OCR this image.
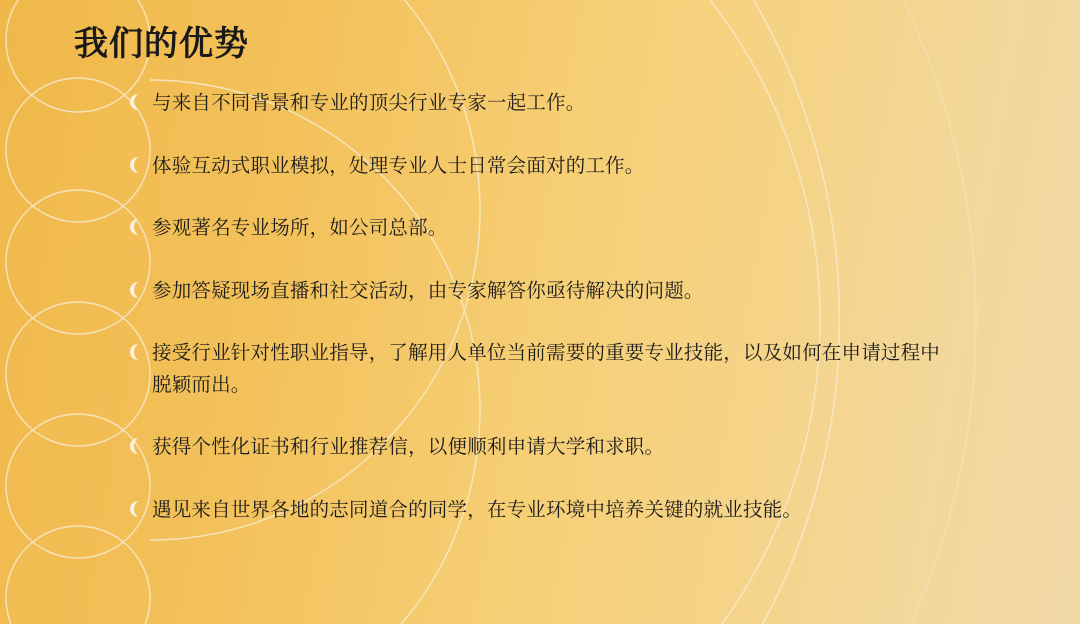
我们的优势
与来自不同背景和专业的顶尖行业专家一起工作。
体验互动式职业模拟，处理专业人士日常会面对的工作。
参观著名专业场所，如公司总部。
参加答疑现场直播和社交活动，由专家解答你亟待解决的问题。
接受行业针对性职业指导，了解用人单位当前需要的重要专业技能，以及如何在申请过程中脱颖而出。
获得个性化证书和行业推荐信，以便顺利申请大学和求职。
遇见来自世界各地的志同道合的同学，在专业环境中培养关键的就业技能。
